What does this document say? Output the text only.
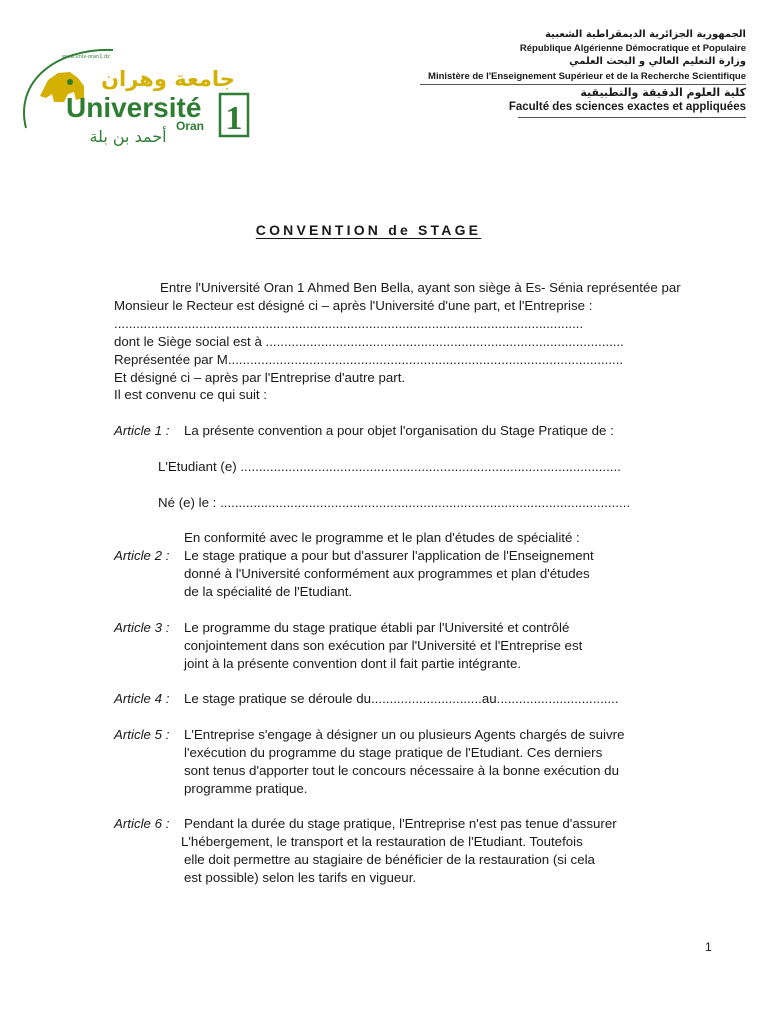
www.univ-oran1.dz
جامعة وهران
Université
Oran
أحمد بن بلة 1
الجمهورية الجزائرية الديمقراطية الشعبية
République Algérienne Démocratique et Populaire
وزارة التعليم العالي و البحث العلمي
Ministère de l'Enseignement Supérieur et de la Recherche Scientifique
كلية العلوم الدقيقة والتطبيقية
Faculté des sciences exactes et appliquées
CONVENTION de STAGE
Entre l'Université Oran 1 Ahmed Ben Bella, ayant son siège à Es- Sénia représentée par
Monsieur le Recteur est désigné ci – après l'Université d'une part, et l'Entreprise :
...............................................................................................................................
dont le Siège social est à .................................................................................................
Représentée par M...........................................................................................................
Et désigné ci – après par l'Entreprise d'autre part.
Il est convenu ce qui suit :
Article 1 : La présente convention a pour objet l'organisation du Stage Pratique de :
L'Etudiant (e) .......................................................................................................
Né (e) le : ...............................................................................................................
En conformité avec le programme et le plan d'études de spécialité :
Article 2 : Le stage pratique a pour but d'assurer l'application de l'Enseignement
donné à l'Université conformément aux programmes et plan d'études
de la spécialité de l'Etudiant.
Article 3 : Le programme du stage pratique établi par l'Université et contrôlé
conjointement dans son exécution par l'Université et l'Entreprise est
joint à la présente convention dont il fait partie intégrante.
Article 4 : Le stage pratique se déroule du..............................au.................................
Article 5 : L'Entreprise s'engage à désigner un ou plusieurs Agents chargés de suivre
l'exécution du programme du stage pratique de l'Etudiant. Ces derniers
sont tenus d'apporter tout le concours nécessaire à la bonne exécution du
programme pratique.
Article 6 : Pendant la durée du stage pratique, l'Entreprise n'est pas tenue d'assurer
L'hébergement, le transport et la restauration de l'Etudiant. Toutefois
elle doit permettre au stagiaire de bénéficier de la restauration (si cela
est possible) selon les tarifs en vigueur.
1
